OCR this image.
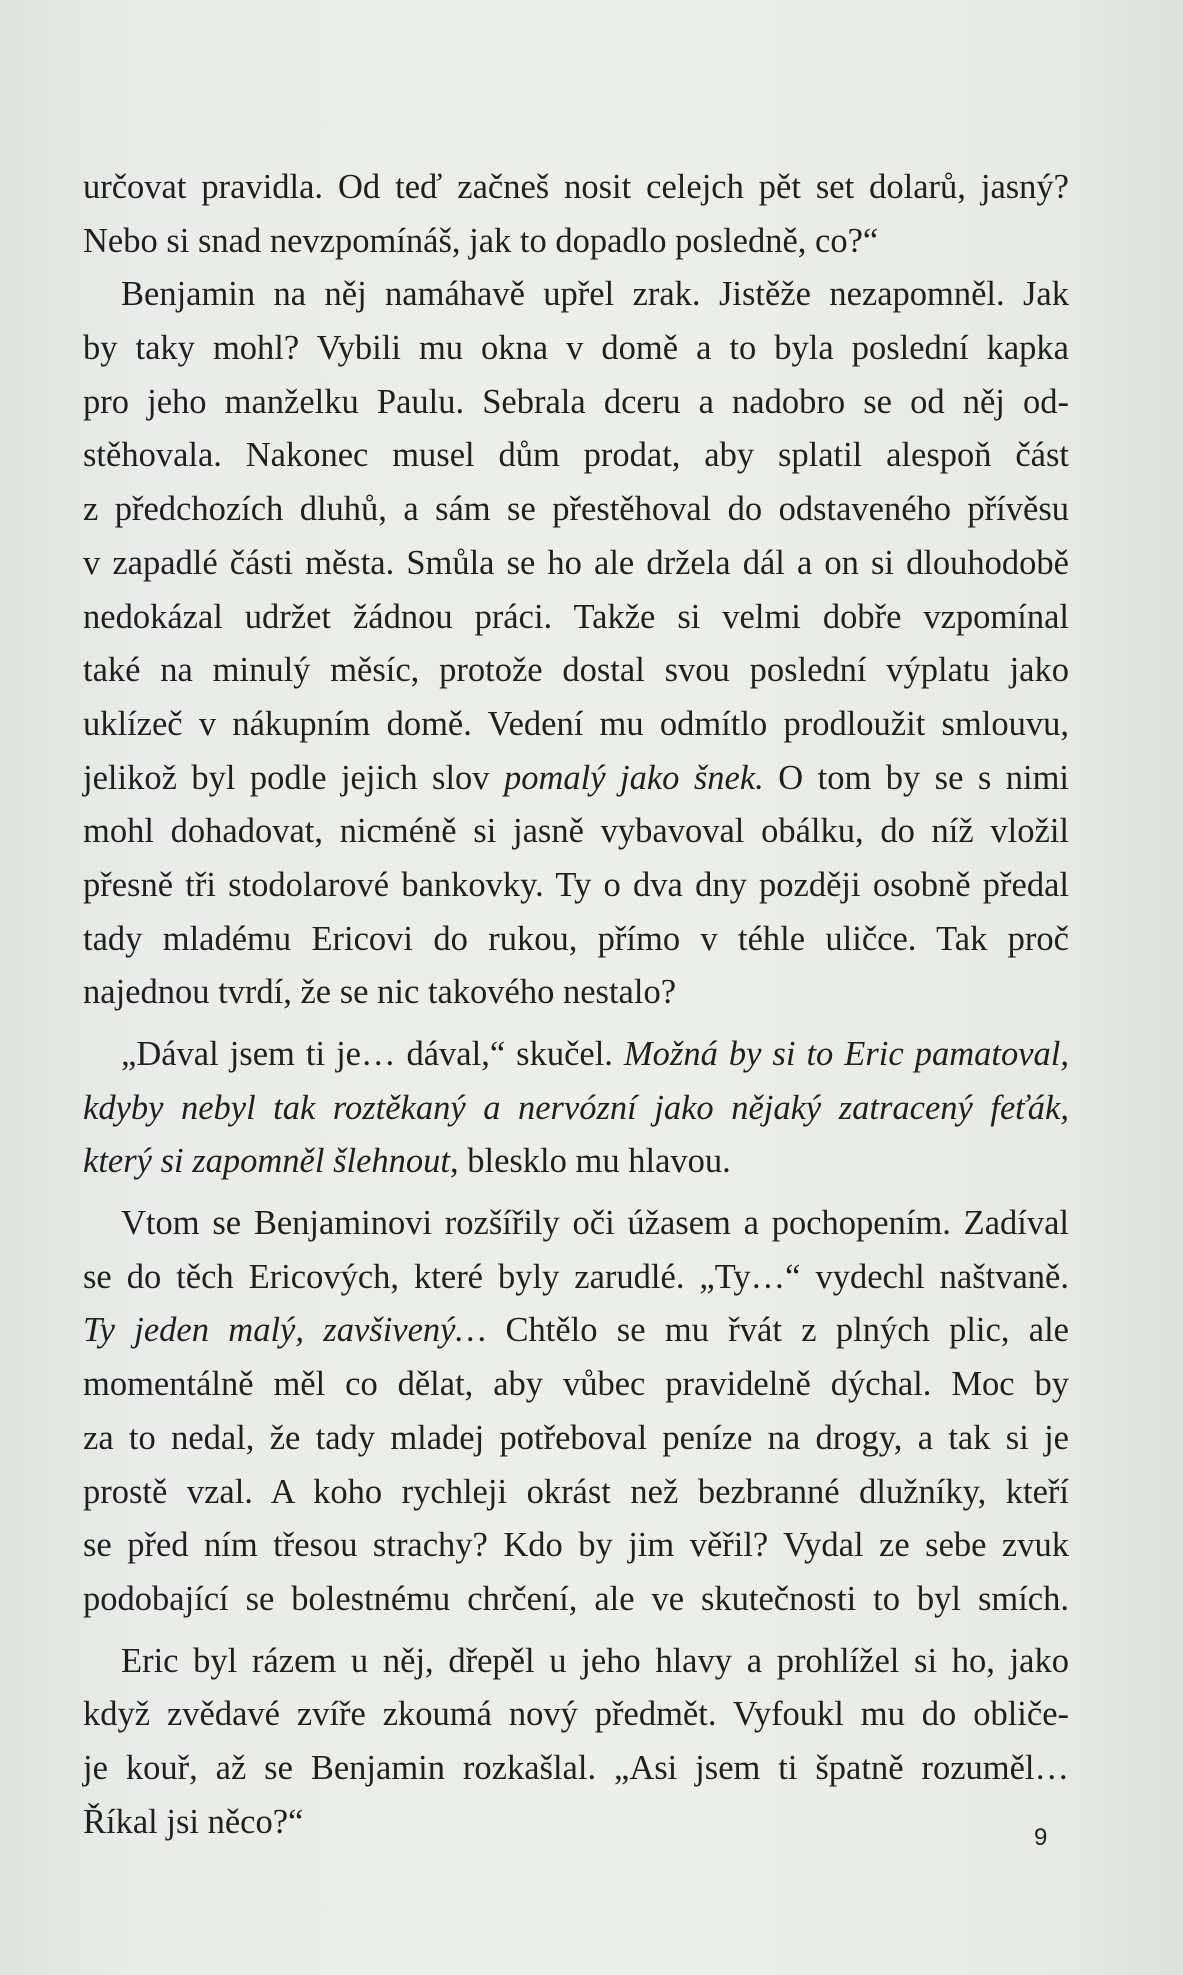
určovat pravidla. Od teď začneš nosit celejch pět set dolarů, jasný?
Nebo si snad nevzpomínáš, jak to dopadlo posledně, co?“
Benjamin na něj namáhavě upřel zrak. Jistěže nezapomněl. Jak
by taky mohl? Vybili mu okna v domě a to byla poslední kapka
pro jeho manželku Paulu. Sebrala dceru a nadobro se od něj od-
stěhovala. Nakonec musel dům prodat, aby splatil alespoň část
z předchozích dluhů, a sám se přestěhoval do odstaveného přívěsu
v zapadlé části města. Smůla se ho ale držela dál a on si dlouhodobě
nedokázal udržet žádnou práci. Takže si velmi dobře vzpomínal
také na minulý měsíc, protože dostal svou poslední výplatu jako
uklízeč v nákupním domě. Vedení mu odmítlo prodloužit smlouvu,
jelikož byl podle jejich slov pomalý jako šnek. O tom by se s nimi
mohl dohadovat, nicméně si jasně vybavoval obálku, do níž vložil
přesně tři stodolarové bankovky. Ty o dva dny později osobně předal
tady mladému Ericovi do rukou, přímo v téhle uličce. Tak proč
najednou tvrdí, že se nic takového nestalo?
„Dával jsem ti je… dával,“ skučel. Možná by si to Eric pamatoval,
kdyby nebyl tak roztěkaný a nervózní jako nějaký zatracený feťák,
který si zapomněl šlehnout, blesklo mu hlavou.
Vtom se Benjaminovi rozšířily oči úžasem a pochopením. Zadíval
se do těch Ericových, které byly zarudlé. „Ty…“ vydechl naštvaně.
Ty jeden malý, zavšivený… Chtělo se mu řvát z plných plic, ale
momentálně měl co dělat, aby vůbec pravidelně dýchal. Moc by
za to nedal, že tady mladej potřeboval peníze na drogy, a tak si je
prostě vzal. A koho rychleji okrást než bezbranné dlužníky, kteří
se před ním třesou strachy? Kdo by jim věřil? Vydal ze sebe zvuk
podobající se bolestnému chrčení, ale ve skutečnosti to byl smích.
Eric byl rázem u něj, dřepěl u jeho hlavy a prohlížel si ho, jako
když zvědavé zvíře zkoumá nový předmět. Vyfoukl mu do obliče-
je kouř, až se Benjamin rozkašlal. „Asi jsem ti špatně rozuměl…
Říkal jsi něco?“	9
